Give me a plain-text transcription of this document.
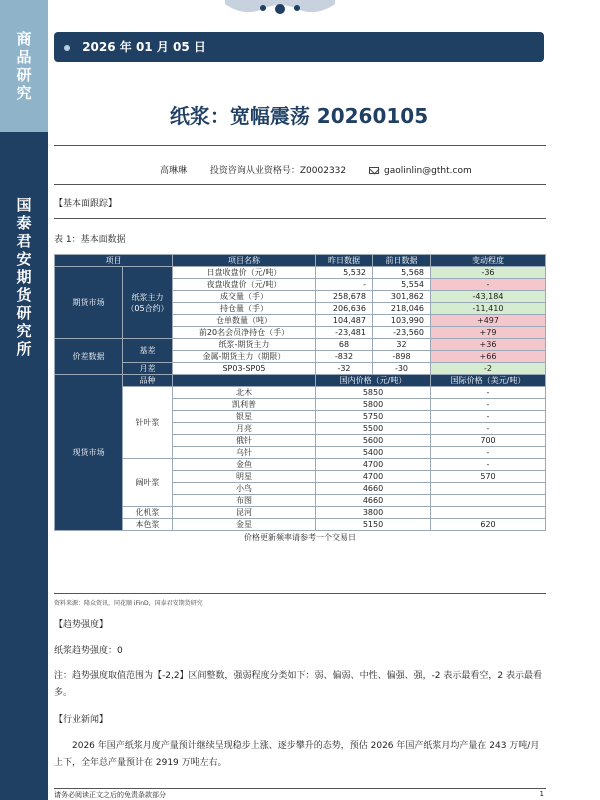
商
品
研
究
国
泰
君
安
期
货
研
究
所
2026 年 01 月 05 日
纸浆：宽幅震荡 20260105
高琳琳	投资咨询从业资格号：Z0002332	gaolinlin@gtht.com
【基本面跟踪】
表 1：基本面数据
项目		项目名称	昨日数据	前日数据	变动程度
期货市场	纸浆主力（05合约）	日盘收盘价（元/吨）	5,532	5,568	-36
		夜盘收盘价（元/吨）	-	5,554	-
		成交量（手）	258,678	301,862	-43,184
		持仓量（手）	206,636	218,046	-11,410
		仓单数量（吨）	104,487	103,990	+497
		前20名会员净持仓（手）	-23,481	-23,560	+79
价差数据	基差	纸浆-期货主力	68	32	+36
		金属-期货主力（期限）	-832	-898	+66
	月差	SP03-SP05	-32	-30	-2
现货市场	品种		国内价格（元/吨）		国际价格（美元/吨）
	针叶浆	北木	5850		-
		凯利普	5800		-
		银星	5750		-
		月亮	5500		-
		俄针	5600		700
		乌针	5400		-
	阔叶浆	金鱼	4700		-
		明星	4700		570
		小鸟	4660		
		布图	4660		
	化机浆	昆河	3800		
	本色浆	金星	5150		620
价格更新频率请参考一个交易日					
资料来源：隆众资讯，同花顺 iFinD，国泰君安期货研究
【趋势强度】
纸浆趋势强度：0
注：趋势强度取值范围为【-2,2】区间整数，强弱程度分类如下：弱、偏弱、中性、偏强、强，-2 表示最看空，2 表示最看多。
【行业新闻】
2026 年国产纸浆月度产量预计继续呈现稳步上涨、逐步攀升的态势，预估 2026 年国产纸浆月均产量在 243 万吨/月上下，全年总产量预计在 2919 万吨左右。
请务必阅读正文之后的免责条款部分	1
